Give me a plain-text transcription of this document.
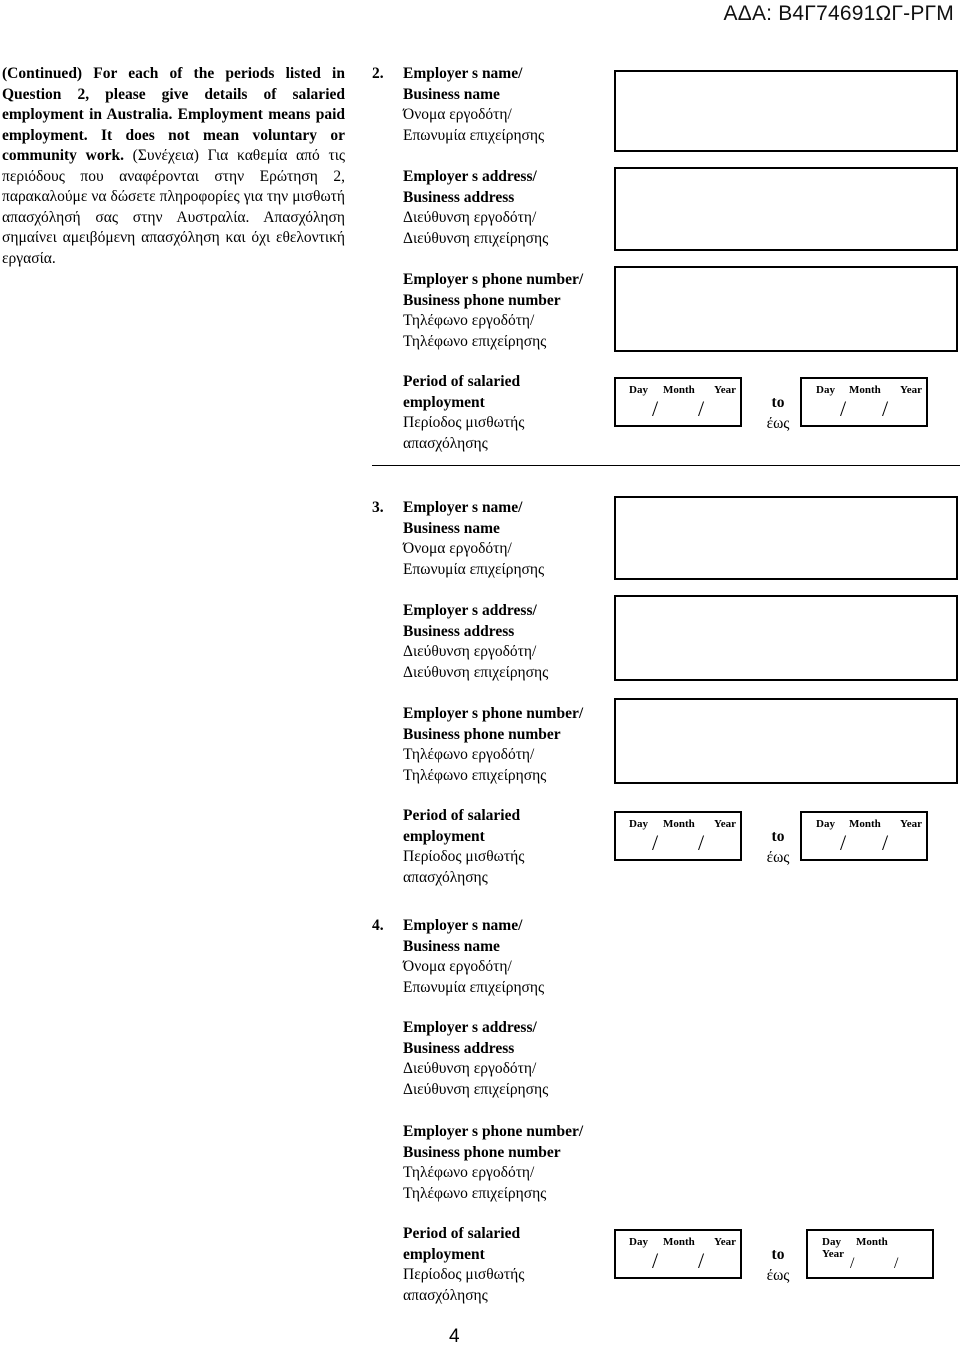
ΑΔΑ: Β4Γ74691ΩΓ-ΡΓΜ
(Continued) For each of the periods listed in Question 2, please give details of salaried employment in Australia. Employment means paid employment. It does not mean voluntary or community work. (Συνέχεια) Για καθεμία από τις περιόδους που αναφέρονται στην Ερώτηση 2, παρακαλούμε να δώσετε πληροφορίες για την μισθωτή απασχόλησή σας στην Αυστραλία. Απασχόληση σημαίνει αμειβόμενη απασχόληση και όχι εθελοντική εργασία.
2. Employer s name/
Business name
Όνομα εργοδότη/
Επωνυμία επιχείρησης
Employer s address/
Business address
Διεύθυνση εργοδότη/
Διεύθυνση επιχείρησης
Employer s phone number/
Business phone number
Τηλέφωνο εργοδότη/
Τηλέφωνο επιχείρησης
Period of salaried
employment
Περίοδος μισθωτής
απασχόλησης
Day Month Year
/ /	to
έως
Day Month Year
/ /
3. Employer s name/
Business name
Όνομα εργοδότη/
Επωνυμία επιχείρησης
Employer s address/
Business address
Διεύθυνση εργοδότη/
Διεύθυνση επιχείρησης
Employer s phone number/
Business phone number
Τηλέφωνο εργοδότη/
Τηλέφωνο επιχείρησης
Period of salaried
employment
Περίοδος μισθωτής
απασχόλησης
Day Month Year
/ /	to
έως
Day Month Year
/ /
4. Employer s name/
Business name
Όνομα εργοδότη/
Επωνυμία επιχείρησης
Employer s address/
Business address
Διεύθυνση εργοδότη/
Διεύθυνση επιχείρησης
Employer s phone number/
Business phone number
Τηλέφωνο εργοδότη/
Τηλέφωνο επιχείρησης
Period of salaried
employment
Περίοδος μισθωτής
απασχόλησης
Day Month Year
/ /	to
έως
Day Month
Year
/ /
4
